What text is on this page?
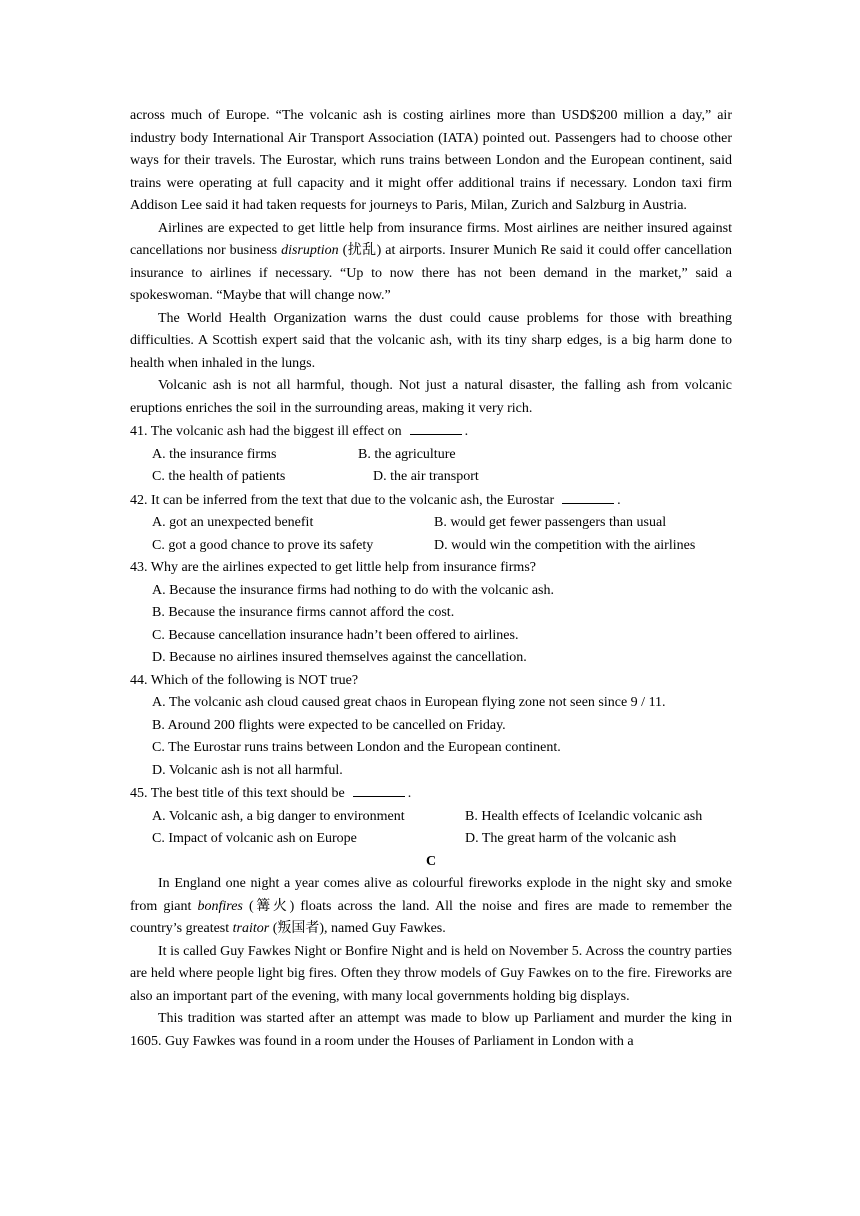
across much of Europe. “The volcanic ash is costing airlines more than USD$200 million a day,” air industry body International Air Transport Association (IATA) pointed out. Passengers had to choose other ways for their travels. The Eurostar, which runs trains between London and the European continent, said trains were operating at full capacity and it might offer additional trains if necessary. London taxi firm Addison Lee said it had taken requests for journeys to Paris, Milan, Zurich and Salzburg in Austria.

Airlines are expected to get little help from insurance firms. Most airlines are neither insured against cancellations nor business disruption (扰乱) at airports. Insurer Munich Re said it could offer cancellation insurance to airlines if necessary. “Up to now there has not been demand in the market,” said a spokeswoman. “Maybe that will change now.”

The World Health Organization warns the dust could cause problems for those with breathing difficulties. A Scottish expert said that the volcanic ash, with its tiny sharp edges, is a big harm done to health when inhaled in the lungs.

Volcanic ash is not all harmful, though. Not just a natural disaster, the falling ash from volcanic eruptions enriches the soil in the surrounding areas, making it very rich.

41. The volcanic ash had the biggest ill effect on	.

A. the insurance firms	B. the agriculture
C. the health of patients	D. the air transport

42. It can be inferred from the text that due to the volcanic ash, the Eurostar	.

A. got an unexpected benefit	B. would get fewer passengers than usual
C. got a good chance to prove its safety	D. would win the competition with the airlines

43. Why are the airlines expected to get little help from insurance firms?

A. Because the insurance firms had nothing to do with the volcanic ash.

B. Because the insurance firms cannot afford the cost.

C. Because cancellation insurance hadn’t been offered to airlines.

D. Because no airlines insured themselves against the cancellation.

44. Which of the following is NOT true?

A. The volcanic ash cloud caused great chaos in European flying zone not seen since 9 / 11.

B. Around 200 flights were expected to be cancelled on Friday.

C. The Eurostar runs trains between London and the European continent.

D. Volcanic ash is not all harmful.

45. The best title of this text should be	.

A. Volcanic ash, a big danger to environment	B. Health effects of Icelandic volcanic ash
C. Impact of volcanic ash on Europe	D. The great harm of the volcanic ash

C

In England one night a year comes alive as colourful fireworks explode in the night sky and smoke from giant bonfires (篝火) floats across the land. All the noise and fires are made to remember the country’s greatest traitor (叛国者), named Guy Fawkes.

It is called Guy Fawkes Night or Bonfire Night and is held on November 5. Across the country parties are held where people light big fires. Often they throw models of Guy Fawkes on to the fire. Fireworks are also an important part of the evening, with many local governments holding big displays.

This tradition was started after an attempt was made to blow up Parliament and murder the king in 1605. Guy Fawkes was found in a room under the Houses of Parliament in London with a
